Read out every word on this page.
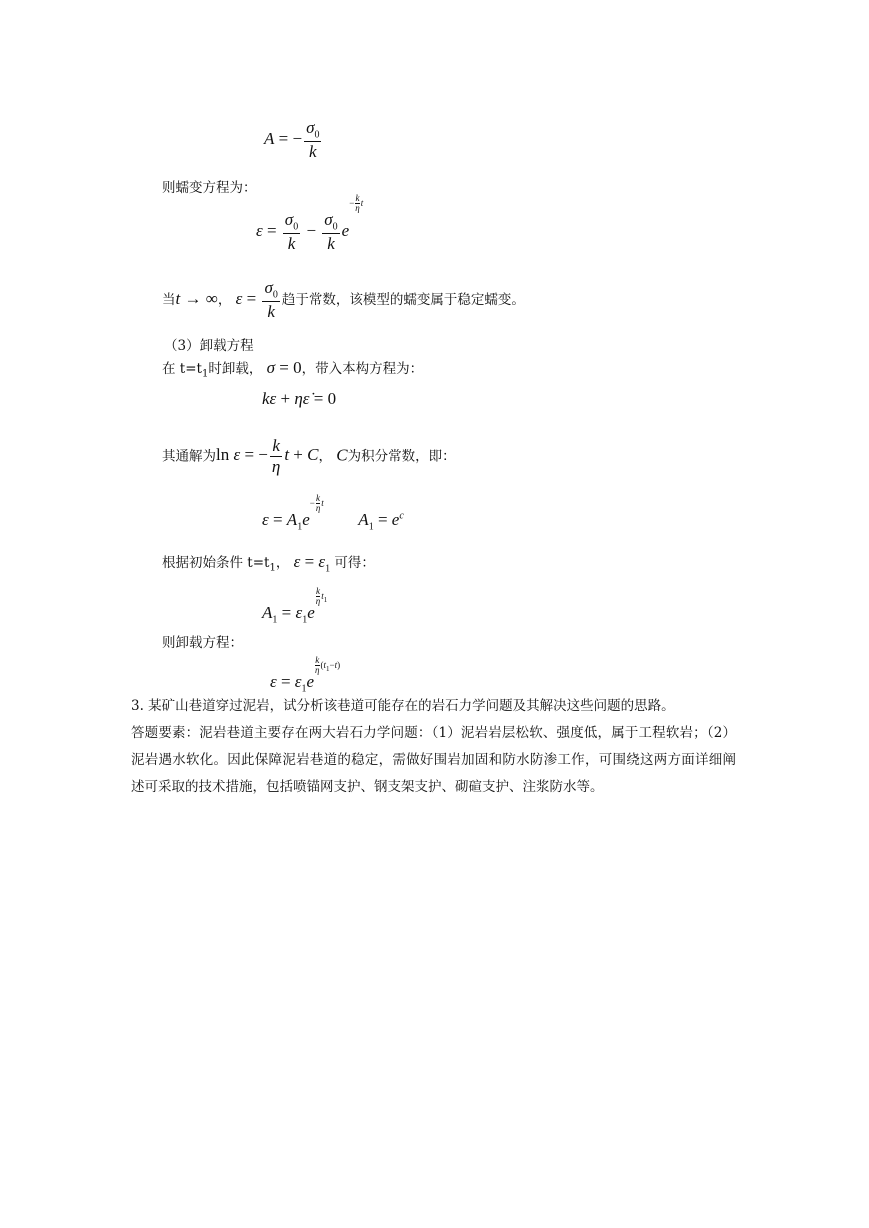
A = − $\frac{\sigma_0}{k}$
则蠕变方程为：
$\varepsilon = \frac{\sigma_0}{k} - \frac{\sigma_0}{k} e- \frac{k}{\eta}$ t
当t → ∞， $\varepsilon = \frac{\sigma_0}{k}$ 趋于常数，该模型的蠕变属于稳定蠕变。
（3）卸载方程
在 $t=t_1$时卸载， σ = 0，带入本构方程为：
kε + ηε̇ = 0
其通解为ln ε = − $\frac{k}{\eta}$ t + C， C为积分常数，即：
$\varepsilon = A_1e- \frac{k}{\eta}$ t  $A_1 = e^c$
根据初始条件 $t=t_1$， $\varepsilon = \varepsilon_1$ 可得：
$A_1 = \varepsilon_1e$
$\frac{k}{\eta} t_1$
则卸载方程：
$\varepsilon = \varepsilon_1e$
$\frac{k}{\eta} (t_1-t)$
3. 某矿山巷道穿过泥岩，试分析该巷道可能存在的岩石力学问题及其解决这些问题的思路。
答题要素：泥岩巷道主要存在两大岩石力学问题：（1）泥岩岩层松软、强度低，属于工程软岩；（2）泥岩遇水软化。因此保障泥岩巷道的稳定，需做好围岩加固和防水防渗工作，可围绕这两方面详细阐述可采取的技术措施，包括喷锚网支护、钢支架支护、砌碹支护、注浆防水等。
